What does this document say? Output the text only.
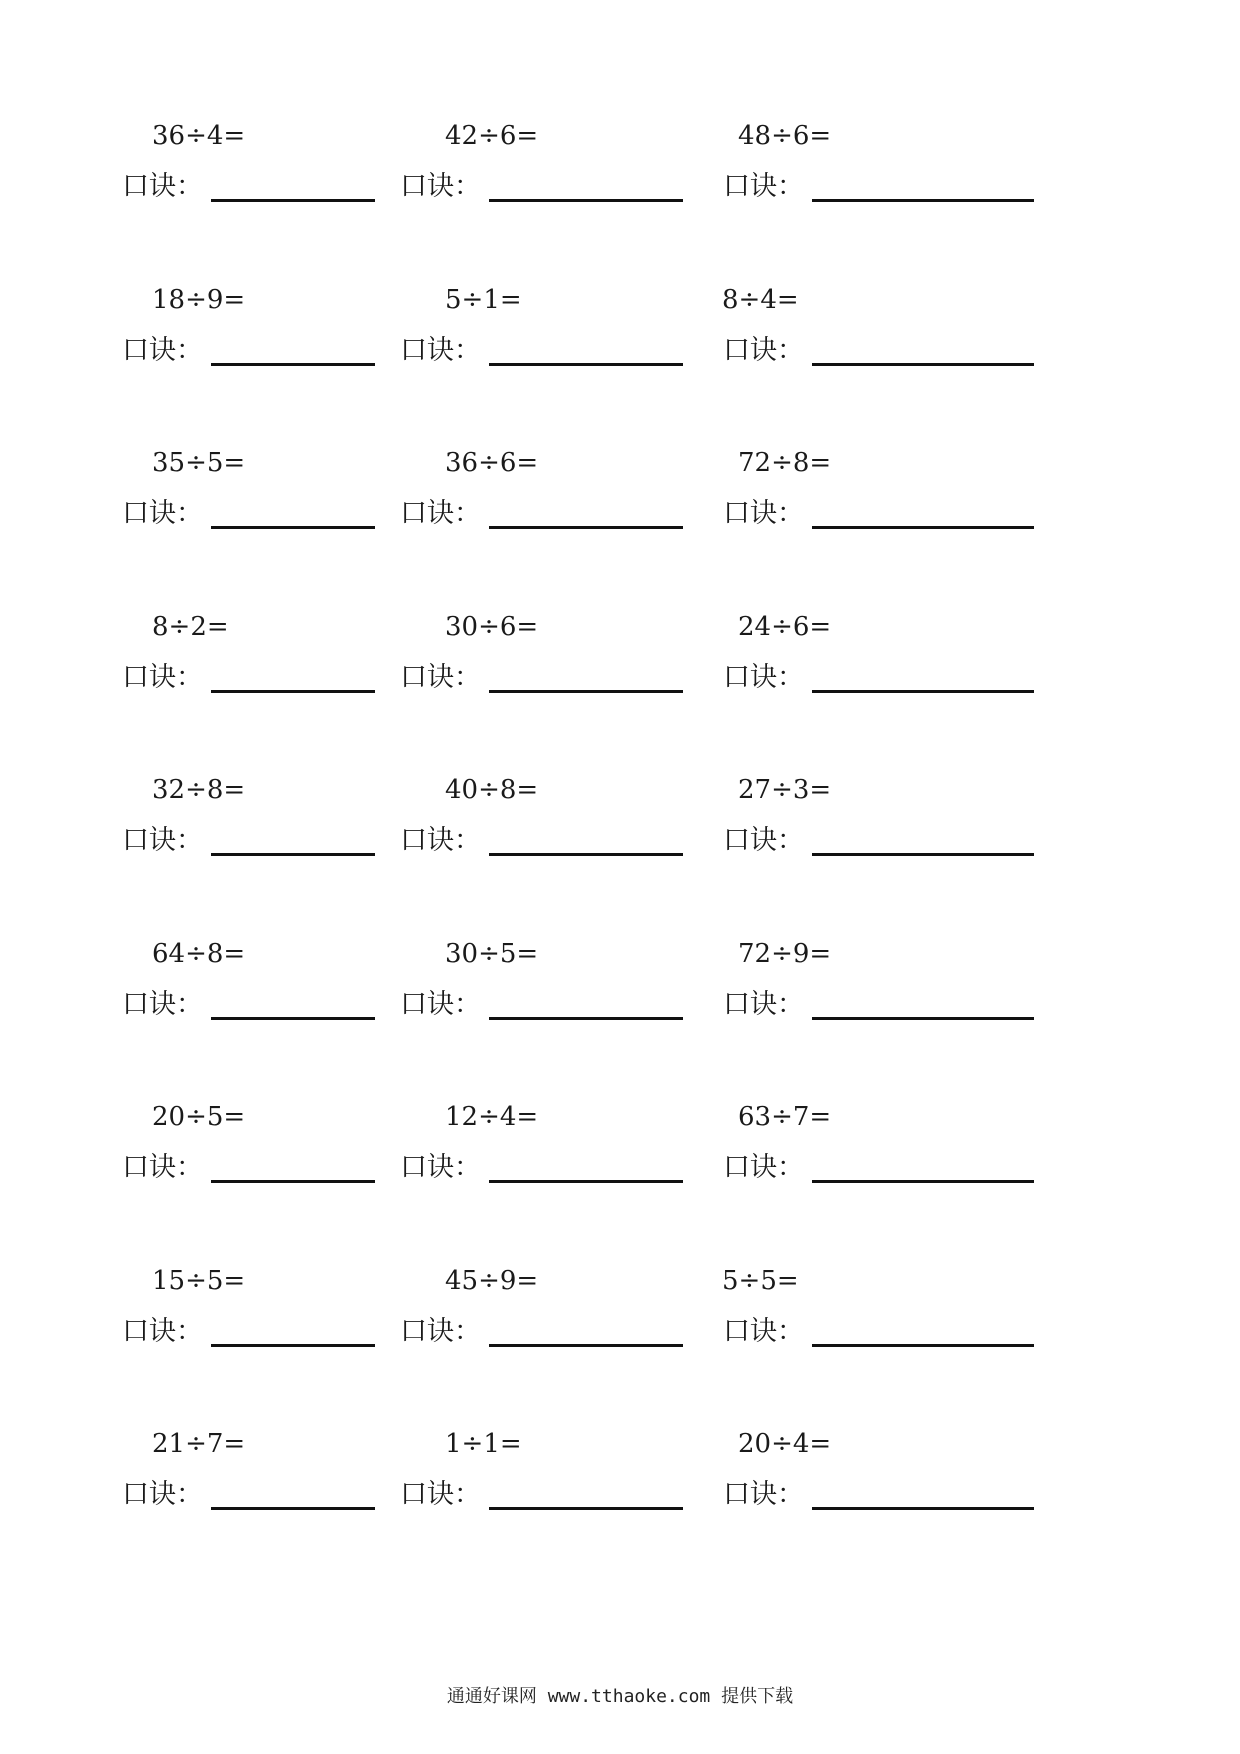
36÷4=
口诀：
42÷6=
口诀：
48÷6=
口诀：
18÷9=
口诀：
5÷1=
口诀：
8÷4=
口诀：
35÷5=
口诀：
36÷6=
口诀：
72÷8=
口诀：
8÷2=
口诀：
30÷6=
口诀：
24÷6=
口诀：
32÷8=
口诀：
40÷8=
口诀：
27÷3=
口诀：
64÷8=
口诀：
30÷5=
口诀：
72÷9=
口诀：
20÷5=
口诀：
12÷4=
口诀：
63÷7=
口诀：
15÷5=
口诀：
45÷9=
口诀：
5÷5=
口诀：
21÷7=
口诀：
1÷1=
口诀：
20÷4=
口诀：
通通好课网 www.tthaoke.com 提供下载
